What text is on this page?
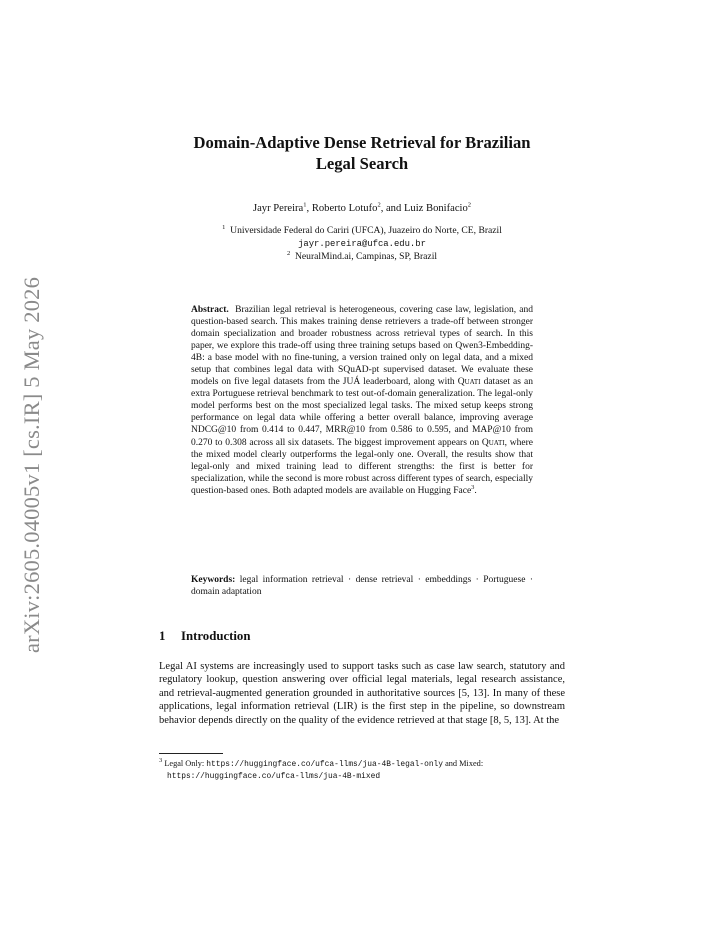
arXiv:2605.04005v1 [cs.IR] 5 May 2026
Domain-Adaptive Dense Retrieval for Brazilian
Legal Search
Jayr Pereira$^1$, Roberto Lotufo$^2$, and Luiz Bonifacio$^2$
$^1$ Universidade Federal do Cariri (UFCA), Juazeiro do Norte, CE, Brazil
jayr.pereira@ufca.edu.br
$^2$ NeuralMind.ai, Campinas, SP, Brazil
Abstract. Brazilian legal retrieval is heterogeneous, covering case law, legislation, and question-based search. This makes training dense retrievers a trade-off between stronger domain specialization and broader robustness across retrieval types of search. In this paper, we explore this trade-off using three training setups based on Qwen3-Embedding-4B: a base model with no fine-tuning, a version trained only on legal data, and a mixed setup that combines legal data with SQuAD-pt supervised dataset. We evaluate these models on five legal datasets from the JUÁ leaderboard, along with Quati dataset as an extra Portuguese retrieval benchmark to test out-of-domain generalization. The legal-only model performs best on the most specialized legal tasks. The mixed setup keeps strong performance on legal data while offering a better overall balance, improving average NDCG@10 from 0.414 to 0.447, MRR@10 from 0.586 to 0.595, and MAP@10 from 0.270 to 0.308 across all six datasets. The biggest improvement appears on Quati, where the mixed model clearly outperforms the legal-only one. Overall, the results show that legal-only and mixed training lead to different strengths: the first is better for specialization, while the second is more robust across different types of search, especially question-based ones. Both adapted models are available on Hugging Face$^3$.
Keywords: legal information retrieval · dense retrieval · embeddings · Portuguese · domain adaptation
1 Introduction
Legal AI systems are increasingly used to support tasks such as case law search, statutory and regulatory lookup, question answering over official legal materials, legal research assistance, and retrieval-augmented generation grounded in authoritative sources [5, 13]. In many of these applications, legal information retrieval (LIR) is the first step in the pipeline, so downstream behavior depends directly on the quality of the evidence retrieved at that stage [8, 5, 13]. At the
$^3$ Legal Only: https://huggingface.co/ufca-llms/jua-4B-legal-only and Mixed:
https://huggingface.co/ufca-llms/jua-4B-mixed
